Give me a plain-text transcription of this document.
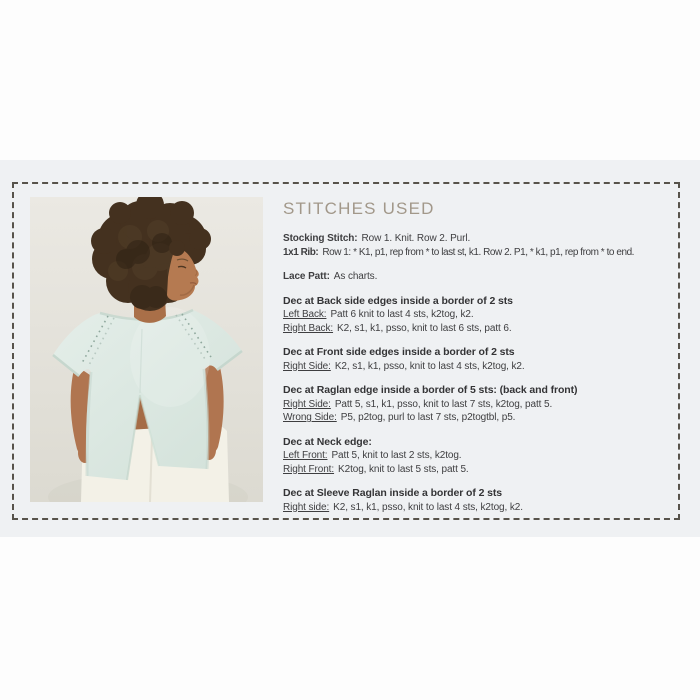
STITCHES USED
Stocking Stitch: Row 1. Knit. Row 2. Purl.
1x1 Rib: Row 1: * K1, p1, rep from * to last st, k1. Row 2. P1, * k1, p1, rep from * to end.
Lace Patt: As charts.
Dec at Back side edges inside a border of 2 sts
Left Back: Patt 6 knit to last 4 sts, k2tog, k2.
Right Back: K2, s1, k1, psso, knit to last 6 sts, patt 6.
Dec at Front side edges inside a border of 2 sts
Right Side: K2, s1, k1, psso, knit to last 4 sts, k2tog, k2.
Dec at Raglan edge inside a border of 5 sts: (back and front)
Right Side: Patt 5, s1, k1, psso, knit to last 7 sts, k2tog, patt 5.
Wrong Side: P5, p2tog, purl to last 7 sts, p2togtbl, p5.
Dec at Neck edge:
Left Front: Patt 5, knit to last 2 sts, k2tog.
Right Front: K2tog, knit to last 5 sts, patt 5.
Dec at Sleeve Raglan inside a border of 2 sts
Right side: K2, s1, k1, psso, knit to last 4 sts, k2tog, k2.
